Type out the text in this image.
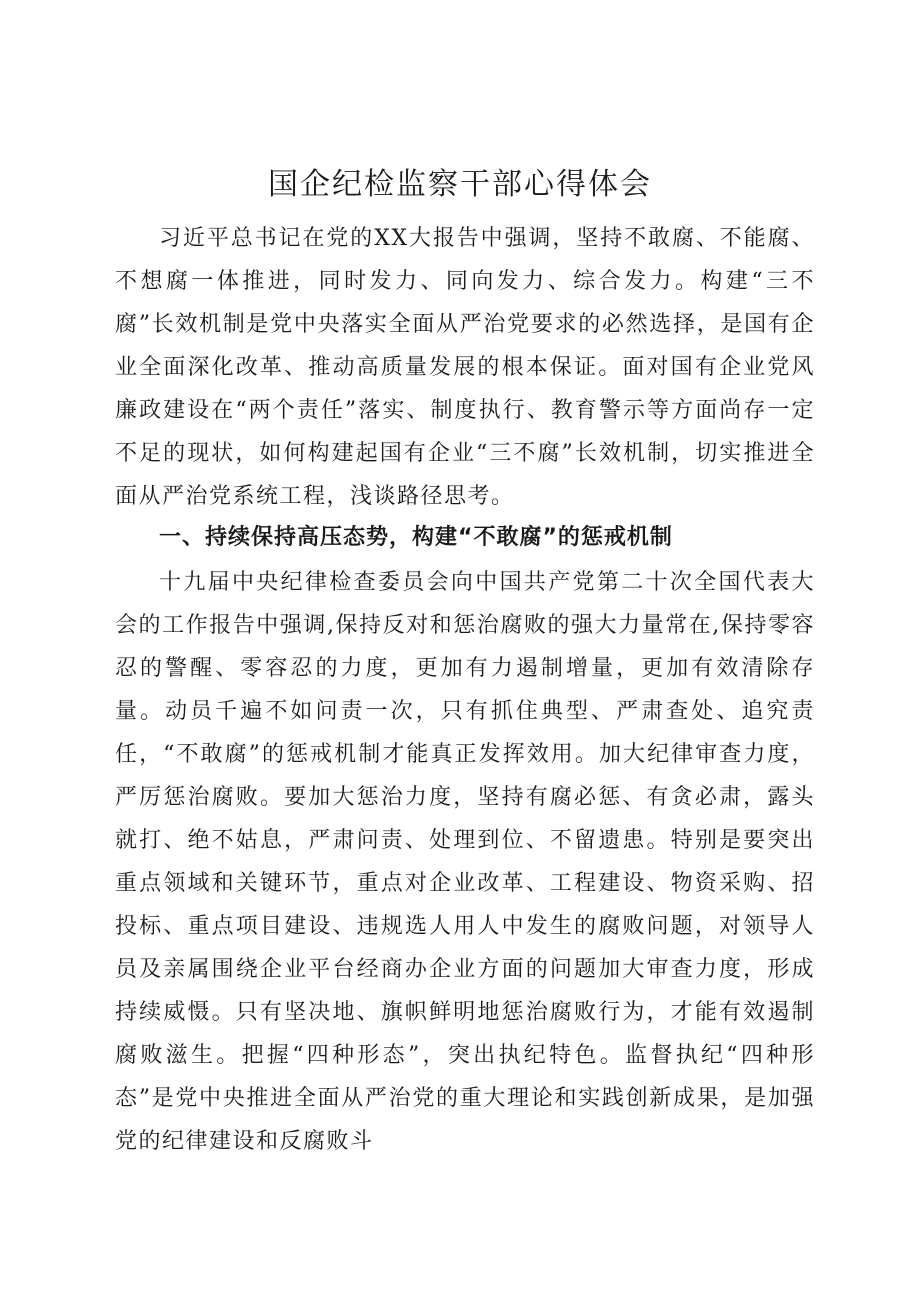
国企纪检监察干部心得体会

习近平总书记在党的XX大报告中强调，坚持不敢腐、不能腐、不想腐一体推进，同时发力、同向发力、综合发力。构建“三不腐”长效机制是党中央落实全面从严治党要求的必然选择，是国有企业全面深化改革、推动高质量发展的根本保证。面对国有企业党风廉政建设在“两个责任”落实、制度执行、教育警示等方面尚存一定不足的现状，如何构建起国有企业“三不腐”长效机制，切实推进全面从严治党系统工程，浅谈路径思考。

一、持续保持高压态势，构建“不敢腐”的惩戒机制

十九届中央纪律检查委员会向中国共产党第二十次全国代表大会的工作报告中强调,保持反对和惩治腐败的强大力量常在,保持零容忍的警醒、零容忍的力度，更加有力遏制增量，更加有效清除存量。动员千遍不如问责一次，只有抓住典型、严肃查处、追究责任，“不敢腐”的惩戒机制才能真正发挥效用。加大纪律审查力度，严厉惩治腐败。要加大惩治力度，坚持有腐必惩、有贪必肃，露头就打、绝不姑息，严肃问责、处理到位、不留遗患。特别是要突出重点领域和关键环节，重点对企业改革、工程建设、物资采购、招投标、重点项目建设、违规选人用人中发生的腐败问题，对领导人员及亲属围绕企业平台经商办企业方面的问题加大审查力度，形成持续威慑。只有坚决地、旗帜鲜明地惩治腐败行为，才能有效遏制腐败滋生。把握“四种形态”，突出执纪特色。监督执纪“四种形态”是党中央推进全面从严治党的重大理论和实践创新成果，是加强党的纪律建设和反腐败斗
